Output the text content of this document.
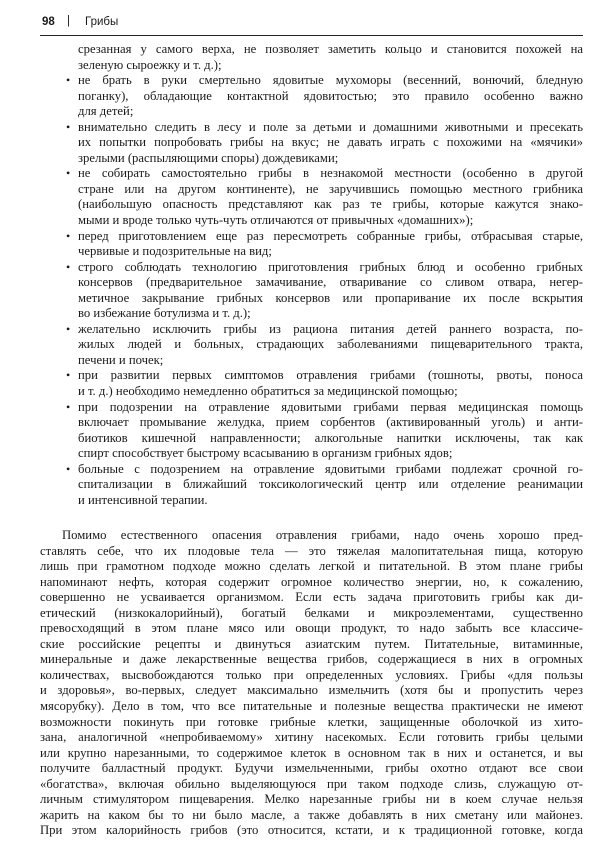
98 | Грибы
срезанная у самого верха, не позволяет заметить кольцо и становится похожей на
зеленую сыроежку и т. д.);
• не брать в руки смертельно ядовитые мухоморы (весенний, вонючий, бледную
поганку), обладающие контактной ядовитостью; это правило особенно важно
для детей;
• внимательно следить в лесу и поле за детьми и домашними животными и пресекать
их попытки попробовать грибы на вкус; не давать играть с похожими на «мячики»
зрелыми (распыляющими споры) дождевиками;
• не собирать самостоятельно грибы в незнакомой местности (особенно в другой
стране или на другом континенте), не заручившись помощью местного грибника
(наибольшую опасность представляют как раз те грибы, которые кажутся знако-
мыми и вроде только чуть-чуть отличаются от привычных «домашних»);
• перед приготовлением еще раз пересмотреть собранные грибы, отбрасывая старые,
червивые и подозрительные на вид;
• строго соблюдать технологию приготовления грибных блюд и особенно грибных
консервов (предварительное замачивание, отваривание со сливом отвара, негер-
метичное закрывание грибных консервов или пропаривание их после вскрытия
во избежание ботулизма и т. д.);
• желательно исключить грибы из рациона питания детей раннего возраста, по-
жилых людей и больных, страдающих заболеваниями пищеварительного тракта,
печени и почек;
• при развитии первых симптомов отравления грибами (тошноты, рвоты, поноса
и т. д.) необходимо немедленно обратиться за медицинской помощью;
• при подозрении на отравление ядовитыми грибами первая медицинская помощь
включает промывание желудка, прием сорбентов (активированный уголь) и анти-
биотиков кишечной направленности; алкогольные напитки исключены, так как
спирт способствует быстрому всасыванию в организм грибных ядов;
• больные с подозрением на отравление ядовитыми грибами подлежат срочной го-
спитализации в ближайший токсикологический центр или отделение реанимации
и интенсивной терапии.
Помимо естественного опасения отравления грибами, надо очень хорошо пред-
ставлять себе, что их плодовые тела — это тяжелая малопитательная пища, которую
лишь при грамотном подходе можно сделать легкой и питательной. В этом плане грибы
напоминают нефть, которая содержит огромное количество энергии, но, к сожалению,
совершенно не усваивается организмом. Если есть задача приготовить грибы как ди-
етический (низкокалорийный), богатый белками и микроэлементами, существенно
превосходящий в этом плане мясо или овощи продукт, то надо забыть все классиче-
ские российские рецепты и двинуться азиатским путем. Питательные, витаминные,
минеральные и даже лекарственные вещества грибов, содержащиеся в них в огромных
количествах, высвобождаются только при определенных условиях. Грибы «для пользы
и здоровья», во-первых, следует максимально измельчить (хотя бы и пропустить через
мясорубку). Дело в том, что все питательные и полезные вещества практически не имеют
возможности покинуть при готовке грибные клетки, защищенные оболочкой из хито-
зана, аналогичной «непробиваемому» хитину насекомых. Если готовить грибы целыми
или крупно нарезанными, то содержимое клеток в основном так в них и останется, и вы
получите балластный продукт. Будучи измельченными, грибы охотно отдают все свои
«богатства», включая обильно выделяющуюся при таком подходе слизь, служащую от-
личным стимулятором пищеварения. Мелко нарезанные грибы ни в коем случае нельзя
жарить на каком бы то ни было масле, а также добавлять в них сметану или майонез.
При этом калорийность грибов (это относится, кстати, и к традиционной готовке, когда
